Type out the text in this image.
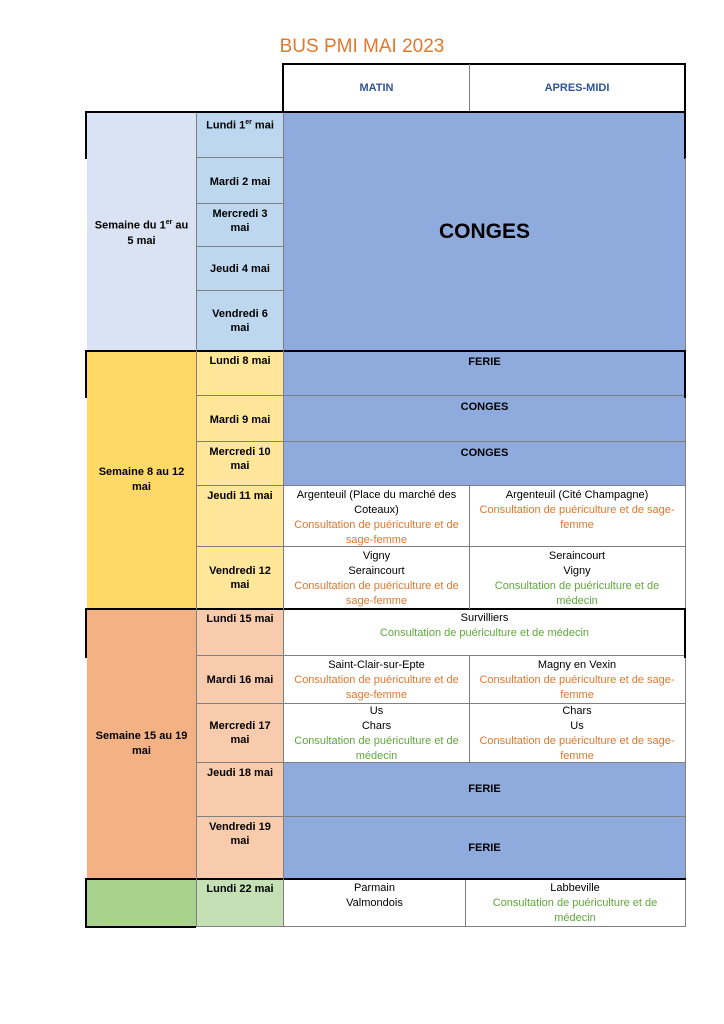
BUS PMI MAI 2023
MATIN	APRES-MIDI
Semaine du 1er au 5 mai
Lundi 1er mai
Mardi 2 mai
Mercredi 3 mai
Jeudi 4 mai
Vendredi 6 mai
CONGES
Semaine 8 au 12 mai
Lundi 8 mai
Mardi 9 mai
Mercredi 10 mai
Jeudi 11 mai
Vendredi 12 mai
FERIE
CONGES
CONGES
Argenteuil (Place du marché des Coteaux)
Consultation de puériculture et de sage-femme
Argenteuil (Cité Champagne)
Consultation de puériculture et de sage-femme
Vigny
Seraincourt
Consultation de puériculture et de sage-femme
Seraincourt
Vigny
Consultation de puériculture et de médecin
Semaine 15 au 19 mai
Lundi 15 mai
Mardi 16 mai
Mercredi 17 mai
Jeudi 18 mai
Vendredi 19 mai
Survilliers
Consultation de puériculture et de médecin
Saint-Clair-sur-Epte
Consultation de puériculture et de sage-femme
Magny en Vexin
Consultation de puériculture et de sage-femme
Us
Chars
Consultation de puériculture et de médecin
Chars
Us
Consultation de puériculture et de sage-femme
FERIE
FERIE
Lundi 22 mai	Parmain
Valmondois
Labbeville
Consultation de puériculture et de médecin
